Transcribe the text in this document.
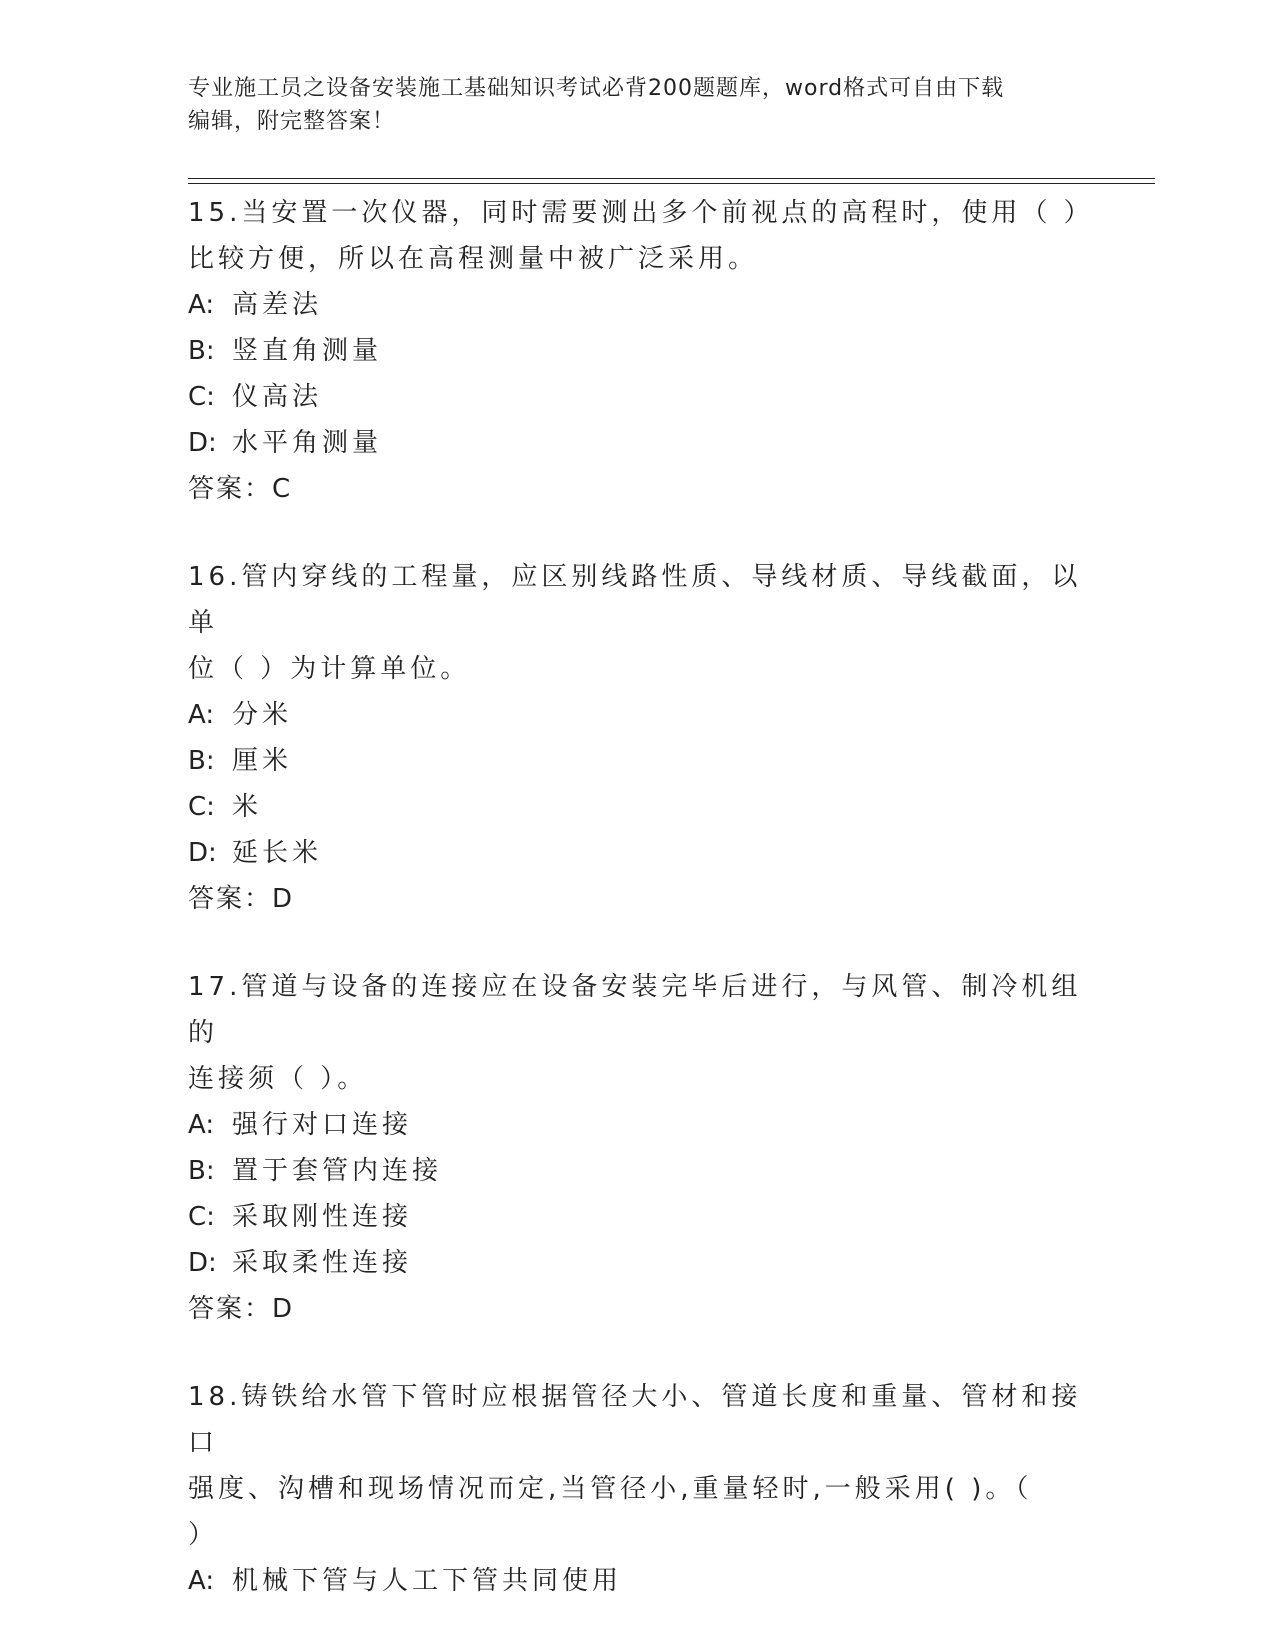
专业施工员之设备安装施工基础知识考试必背200题题库，word格式可自由下载
编辑，附完整答案！
15.当安置一次仪器，同时需要测出多个前视点的高程时，使用（ ）
比较方便，所以在高程测量中被广泛采用。
A: 高差法
B: 竖直角测量
C: 仪高法
D: 水平角测量
答案：C
16.管内穿线的工程量，应区别线路性质、导线材质、导线截面，以单
位（ ）为计算单位。
A: 分米
B: 厘米
C: 米
D: 延长米
答案：D
17.管道与设备的连接应在设备安装完毕后进行，与风管、制冷机组的
连接须（ ）。
A: 强行对口连接
B: 置于套管内连接
C: 采取刚性连接
D: 采取柔性连接
答案：D
18.铸铁给水管下管时应根据管径大小、管道长度和重量、管材和接口
强度、沟槽和现场情况而定,当管径小,重量轻时,一般采用( )。（
）
A: 机械下管与人工下管共同使用
